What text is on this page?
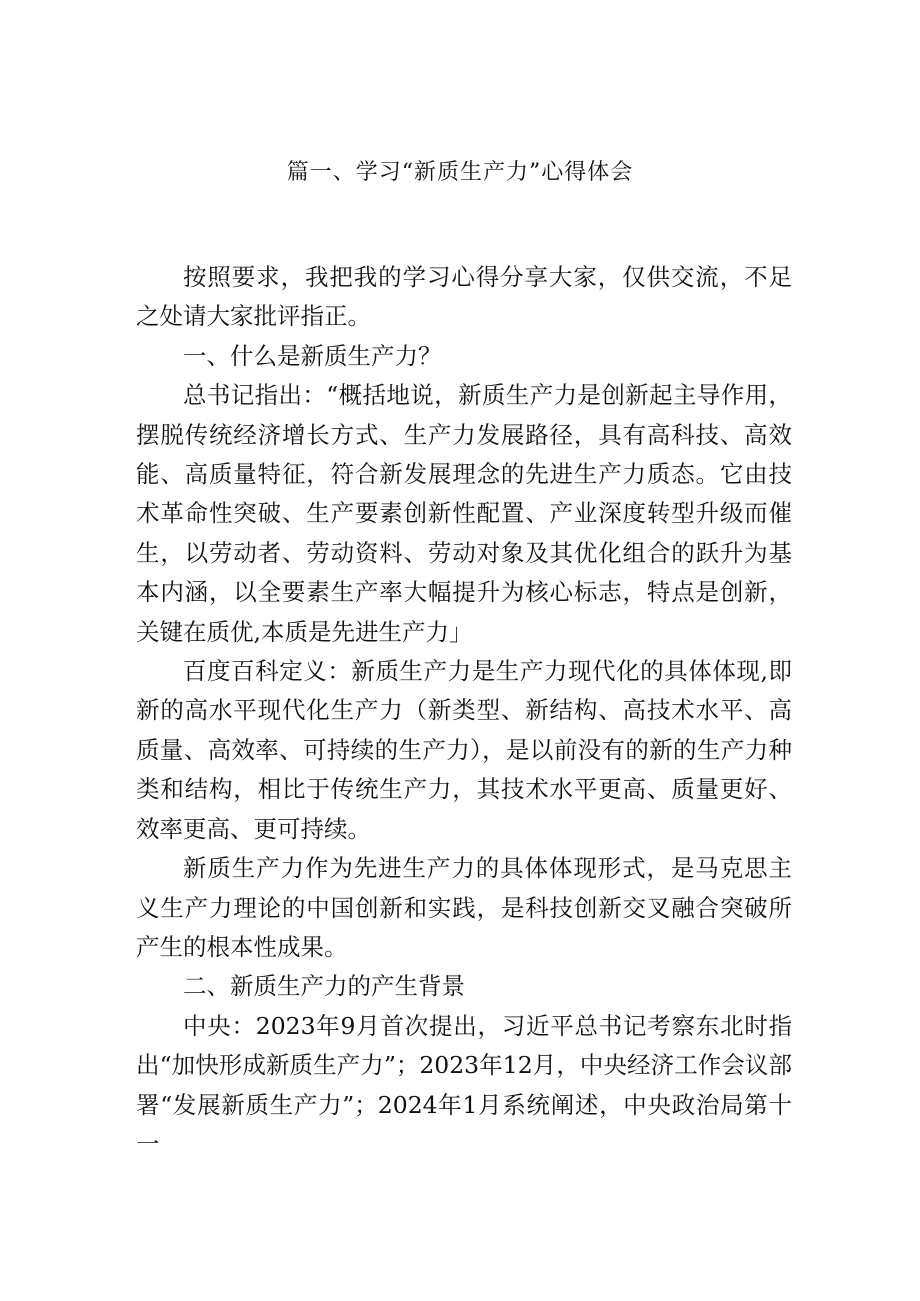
篇一、学习“新质生产力”心得体会

按照要求，我把我的学习心得分享大家，仅供交流，不足之处请大家批评指正。

一、什么是新质生产力？

总书记指出：“概括地说，新质生产力是创新起主导作用，摆脱传统经济增长方式、生产力发展路径，具有高科技、高效能、高质量特征，符合新发展理念的先进生产力质态。它由技术革命性突破、生产要素创新性配置、产业深度转型升级而催生，以劳动者、劳动资料、劳动对象及其优化组合的跃升为基本内涵，以全要素生产率大幅提升为核心标志，特点是创新，关键在质优,本质是先进生产力」

百度百科定义：新质生产力是生产力现代化的具体体现,即新的高水平现代化生产力（新类型、新结构、高技术水平、高质量、高效率、可持续的生产力），是以前没有的新的生产力种类和结构，相比于传统生产力，其技术水平更高、质量更好、效率更高、更可持续。

新质生产力作为先进生产力的具体体现形式，是马克思主义生产力理论的中国创新和实践，是科技创新交叉融合突破所产生的根本性成果。

二、新质生产力的产生背景

中央：2023年9月首次提出，习近平总书记考察东北时指出“加快形成新质生产力”；2023年12月，中央经济工作会议部署“发展新质生产力”；2024年1月系统阐述，中央政治局第十一
